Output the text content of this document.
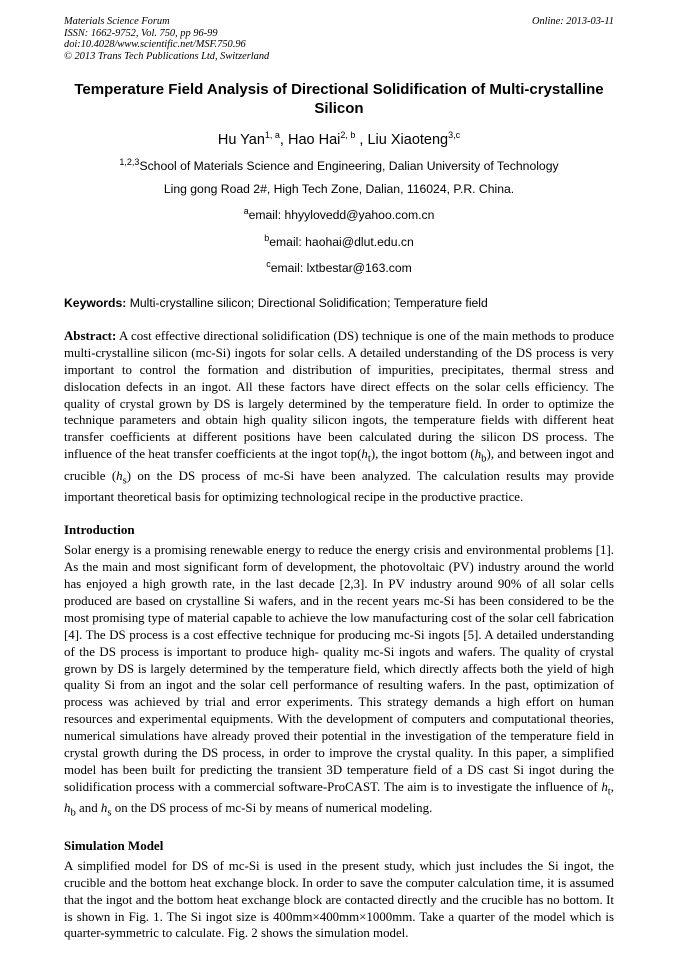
Materials Science Forum
ISSN: 1662-9752, Vol. 750, pp 96-99
doi:10.4028/www.scientific.net/MSF.750.96
© 2013 Trans Tech Publications Ltd, Switzerland
Online: 2013-03-11
Temperature Field Analysis of Directional Solidification of Multi-crystalline Silicon
Hu Yan$^{1, a}$, Hao Hai$^{2, b}$ , Liu Xiaoteng$^{3,c}$
$^{1,2,3}$School of Materials Science and Engineering, Dalian University of Technology
Ling gong Road 2#, High Tech Zone, Dalian, 116024, P.R. China.
$^a$email: hhyylovedd@yahoo.com.cn
$^b$email: haohai@dlut.edu.cn
$^c$email: lxtbestar@163.com
Keywords: Multi-crystalline silicon; Directional Solidification; Temperature field
Abstract: A cost effective directional solidification (DS) technique is one of the main methods to produce multi-crystalline silicon (mc-Si) ingots for solar cells. A detailed understanding of the DS process is very important to control the formation and distribution of impurities, precipitates, thermal stress and dislocation defects in an ingot. All these factors have direct effects on the solar cells efficiency. The quality of crystal grown by DS is largely determined by the temperature field. In order to optimize the technique parameters and obtain high quality silicon ingots, the temperature fields with different heat transfer coefficients at different positions have been calculated during the silicon DS process. The influence of the heat transfer coefficients at the ingot $top(h_t)$, the ingot bottom $(h_b)$, and between ingot and crucible $(h_s)$ on the DS process of mc-Si have been analyzed. The calculation results may provide important theoretical basis for optimizing technological recipe in the productive practice.
Introduction

Solar energy is a promising renewable energy to reduce the energy crisis and environmental problems [1]. As the main and most significant form of development, the photovoltaic (PV) industry around the world has enjoyed a high growth rate, in the last decade [2,3]. In PV industry around 90% of all solar cells produced are based on crystalline Si wafers, and in the recent years mc-Si has been considered to be the most promising type of material capable to achieve the low manufacturing cost of the solar cell fabrication [4]. The DS process is a cost effective technique for producing mc-Si ingots [5]. A detailed understanding of the DS process is important to produce high- quality mc-Si ingots and wafers. The quality of crystal grown by DS is largely determined by the temperature field, which directly affects both the yield of high quality Si from an ingot and the solar cell performance of resulting wafers. In the past, optimization of process was achieved by trial and error experiments. This strategy demands a high effort on human resources and experimental equipments. With the development of computers and computational theories, numerical simulations have already proved their potential in the investigation of the temperature field in crystal growth during the DS process, in order to improve the crystal quality. In this paper, a simplified model has been built for predicting the transient 3D temperature field of a DS cast Si ingot during the solidification process with a commercial software-ProCAST. The aim is to investigate the influence of $h_t$, $h_b$ and $h_s$ on the DS process of mc-Si by means of numerical modeling.

Simulation Model

A simplified model for DS of mc-Si is used in the present study, which just includes the Si ingot, the crucible and the bottom heat exchange block. In order to save the computer calculation time, it is assumed that the ingot and the bottom heat exchange block are contacted directly and the crucible has no bottom. It is shown in Fig. 1. The Si ingot size is 400mm×400mm×1000mm. Take a quarter of the model which is quarter-symmetric to calculate. Fig. 2 shows the simulation model.
